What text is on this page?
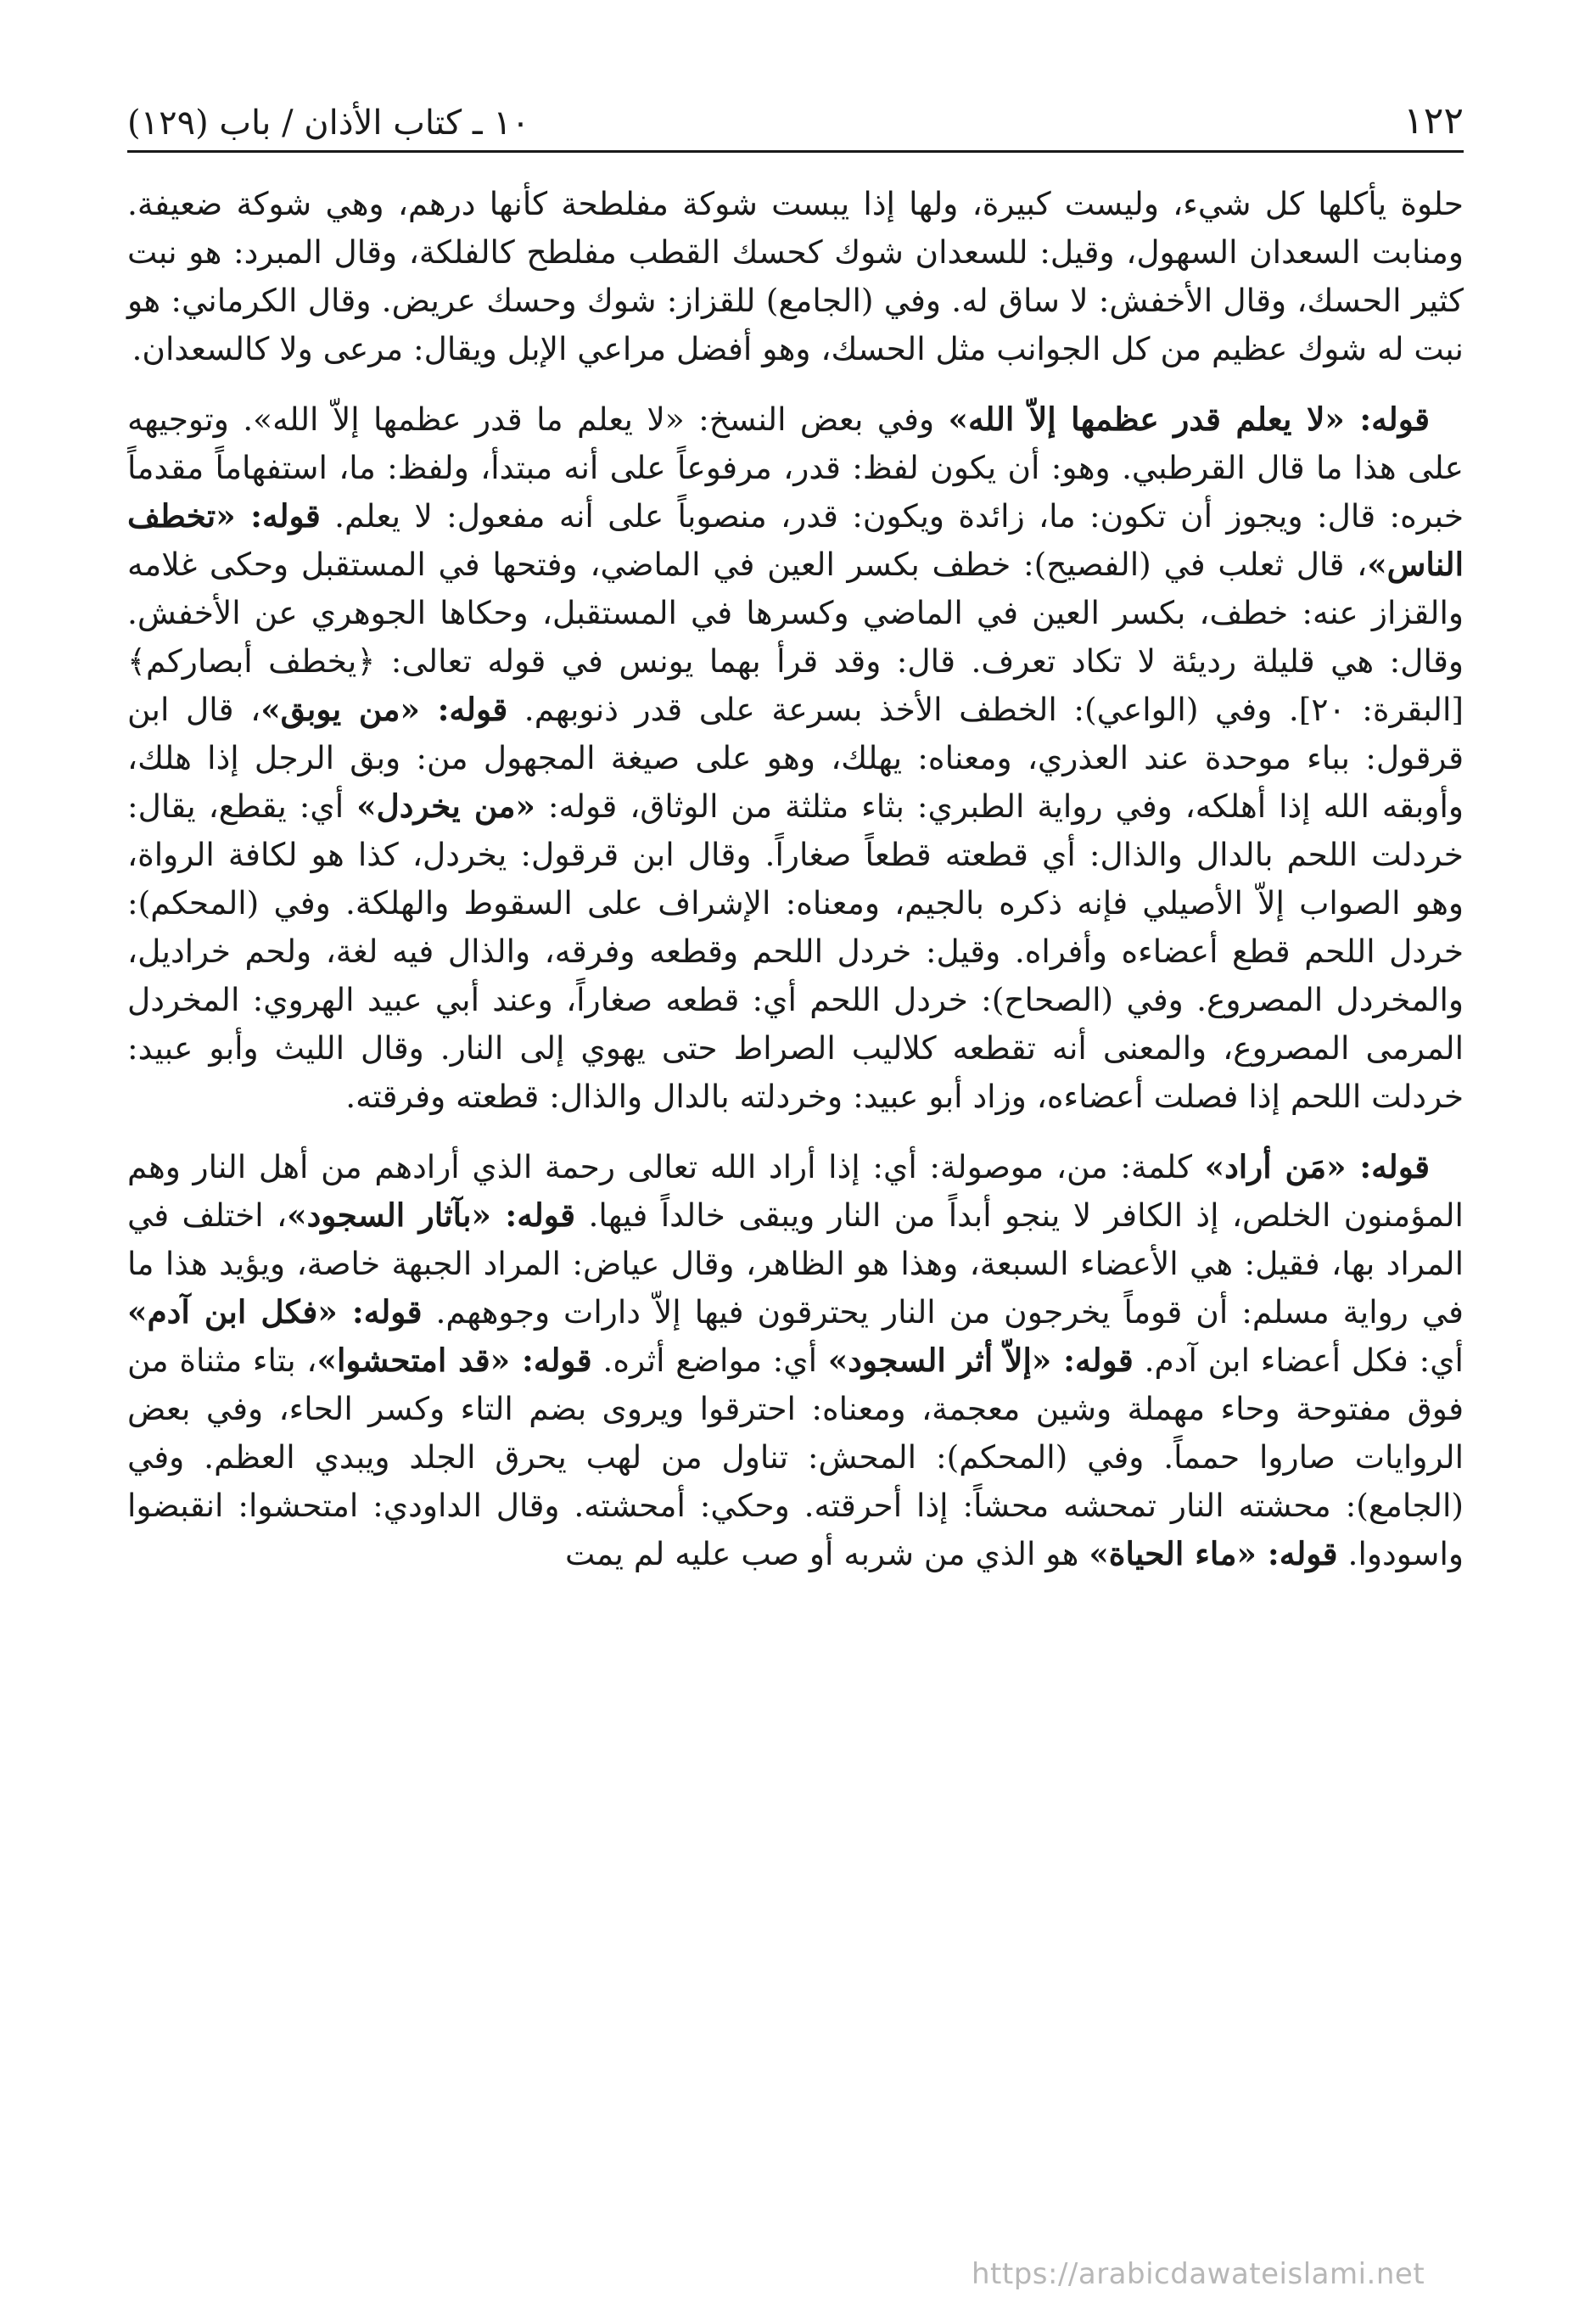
١٢٢
١٠ ـ كتاب الأذان / باب (١٢٩)

حلوة يأكلها كل شيء، وليست كبيرة، ولها إذا يبست شوكة مفلطحة كأنها درهم، وهي شوكة ضعيفة. ومنابت السعدان السهول، وقيل: للسعدان شوك كحسك القطب مفلطح كالفلكة، وقال المبرد: هو نبت كثير الحسك، وقال الأخفش: لا ساق له. وفي (الجامع) للقزاز: شوك وحسك عريض. وقال الكرماني: هو نبت له شوك عظيم من كل الجوانب مثل الحسك، وهو أفضل مراعي الإبل ويقال: مرعى ولا كالسعدان.

قوله: «لا يعلم قدر عظمها إلاّ الله» وفي بعض النسخ: «لا يعلم ما قدر عظمها إلاّ الله». وتوجيهه على هذا ما قال القرطبي. وهو: أن يكون لفظ: قدر، مرفوعاً على أنه مبتدأ، ولفظ: ما، استفهاماً مقدماً خبره: قال: ويجوز أن تكون: ما، زائدة ويكون: قدر، منصوباً على أنه مفعول: لا يعلم. قوله: «تخطف الناس»، قال ثعلب في (الفصيح): خطف بكسر العين في الماضي، وفتحها في المستقبل وحكى غلامه والقزاز عنه: خطف، بكسر العين في الماضي وكسرها في المستقبل، وحكاها الجوهري عن الأخفش. وقال: هي قليلة رديئة لا تكاد تعرف. قال: وقد قرأ بهما يونس في قوله تعالى: ﴿يخطف أبصاركم﴾ [البقرة: ٢٠]. وفي (الواعي): الخطف الأخذ بسرعة على قدر ذنوبهم. قوله: «من يوبق»، قال ابن قرقول: بباء موحدة عند العذري، ومعناه: يهلك، وهو على صيغة المجهول من: وبق الرجل إذا هلك، وأوبقه الله إذا أهلكه، وفي رواية الطبري: بثاء مثلثة من الوثاق، قوله: «من يخردل» أي: يقطع، يقال: خردلت اللحم بالدال والذال: أي قطعته قطعاً صغاراً. وقال ابن قرقول: يخردل، كذا هو لكافة الرواة، وهو الصواب إلاّ الأصيلي فإنه ذكره بالجيم، ومعناه: الإشراف على السقوط والهلكة. وفي (المحكم): خردل اللحم قطع أعضاءه وأفراه. وقيل: خردل اللحم وقطعه وفرقه، والذال فيه لغة، ولحم خراديل، والمخردل المصروع. وفي (الصحاح): خردل اللحم أي: قطعه صغاراً، وعند أبي عبيد الهروي: المخردل المرمى المصروع، والمعنى أنه تقطعه كلاليب الصراط حتى يهوي إلى النار. وقال الليث وأبو عبيد: خردلت اللحم إذا فصلت أعضاءه، وزاد أبو عبيد: وخردلته بالدال والذال: قطعته وفرقته.

قوله: «مَن أراد» كلمة: من، موصولة: أي: إذا أراد الله تعالى رحمة الذي أرادهم من أهل النار وهم المؤمنون الخلص، إذ الكافر لا ينجو أبداً من النار ويبقى خالداً فيها. قوله: «بآثار السجود»، اختلف في المراد بها، فقيل: هي الأعضاء السبعة، وهذا هو الظاهر، وقال عياض: المراد الجبهة خاصة، ويؤيد هذا ما في رواية مسلم: أن قوماً يخرجون من النار يحترقون فيها إلاّ دارات وجوههم. قوله: «فكل ابن آدم» أي: فكل أعضاء ابن آدم. قوله: «إلاّ أثر السجود» أي: مواضع أثره. قوله: «قد امتحشوا»، بتاء مثناة من فوق مفتوحة وحاء مهملة وشين معجمة، ومعناه: احترقوا ويروى بضم التاء وكسر الحاء، وفي بعض الروايات صاروا حمماً. وفي (المحكم): المحش: تناول من لهب يحرق الجلد ويبدي العظم. وفي (الجامع): محشته النار تمحشه محشاً: إذا أحرقته. وحكي: أمحشته. وقال الداودي: امتحشوا: انقبضوا واسودوا. قوله: «ماء الحياة» هو الذي من شربه أو صب عليه لم يمت

https://arabicdawateislami.net
